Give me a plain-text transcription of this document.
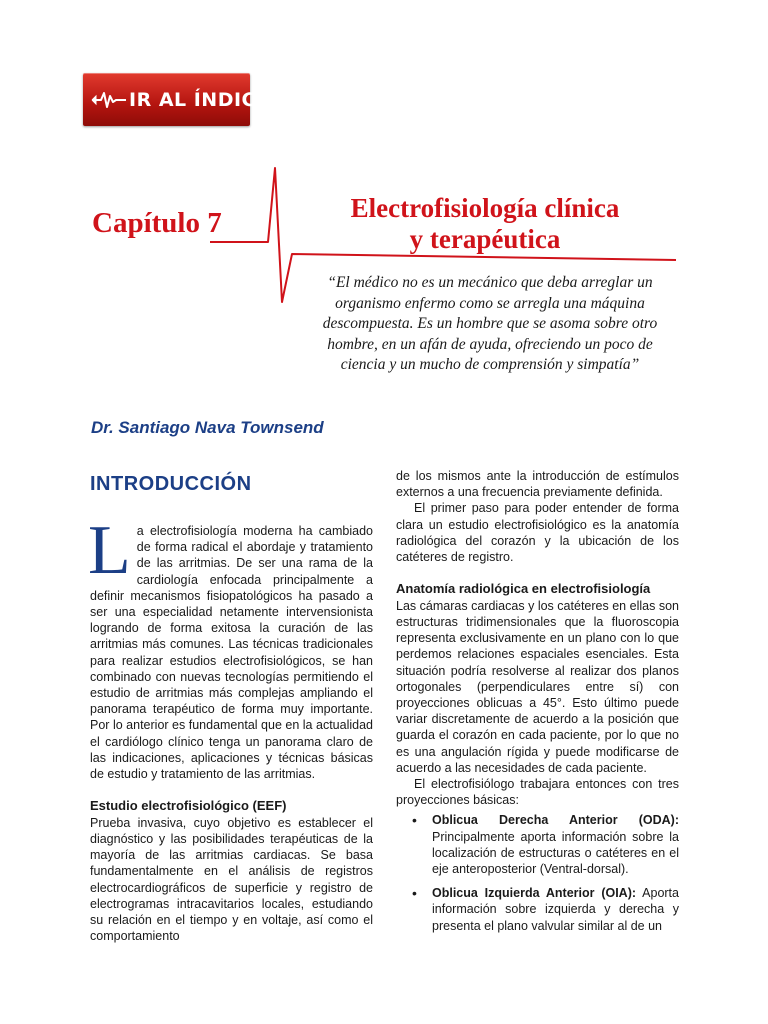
IR AL ÍNDICE
Capítulo 7	Electrofisiología clínica
y terapéutica
“El médico no es un mecánico que deba arreglar un
organismo enfermo como se arregla una máquina
descompuesta. Es un hombre que se asoma sobre otro
hombre, en un afán de ayuda, ofreciendo un poco de
ciencia y un mucho de comprensión y simpatía”
Dr. Santiago Nava Townsend
INTRODUCCIÓN

La electrofisiología moderna ha cambiado de forma radical el abordaje y tratamiento de las arritmias. De ser una rama de la cardiología enfocada principalmente a definir mecanismos fisiopatológicos ha pasado a ser una especialidad netamente intervensionista logrando de forma exitosa la curación de las arritmias más comunes. Las técnicas tradicionales para realizar estudios electrofisiológicos, se han combinado con nuevas tecnologías permitiendo el estudio de arritmias más complejas ampliando el panorama terapéutico de forma muy importante. Por lo anterior es fundamental que en la actualidad el cardiólogo clínico tenga un panorama claro de las indicaciones, aplicaciones y técnicas básicas de estudio y tratamiento de las arritmias.

Estudio electrofisiológico (EEF)

Prueba invasiva, cuyo objetivo es establecer el diagnóstico y las posibilidades terapéuticas de la mayoría de las arritmias cardiacas. Se basa fundamentalmente en el análisis de registros electrocardiográficos de superficie y registro de electrogramas intracavitarios locales, estudiando su relación en el tiempo y en voltaje, así como el comportamiento

de los mismos ante la introducción de estímulos externos a una frecuencia previamente definida.

El primer paso para poder entender de forma clara un estudio electrofisiológico es la anatomía radiológica del corazón y la ubicación de los catéteres de registro.

Anatomía radiológica en electrofisiología

Las cámaras cardiacas y los catéteres en ellas son estructuras tridimensionales que la fluoroscopia representa exclusivamente en un plano con lo que perdemos relaciones espaciales esenciales. Esta situación podría resolverse al realizar dos planos ortogonales (perpendiculares entre sí) con proyecciones oblicuas a 45°. Esto último puede variar discretamente de acuerdo a la posición que guarda el corazón en cada paciente, por lo que no es una angulación rígida y puede modificarse de acuerdo a las necesidades de cada paciente.

El electrofisiólogo trabajara entonces con tres proyecciones básicas:

• Oblicua Derecha Anterior (ODA): Principalmente aporta información sobre la localización de estructuras o catéteres en el eje anteroposterior (Ventral-dorsal).
• Oblicua Izquierda Anterior (OIA): Aporta información sobre izquierda y derecha y presenta el plano valvular similar al de un
